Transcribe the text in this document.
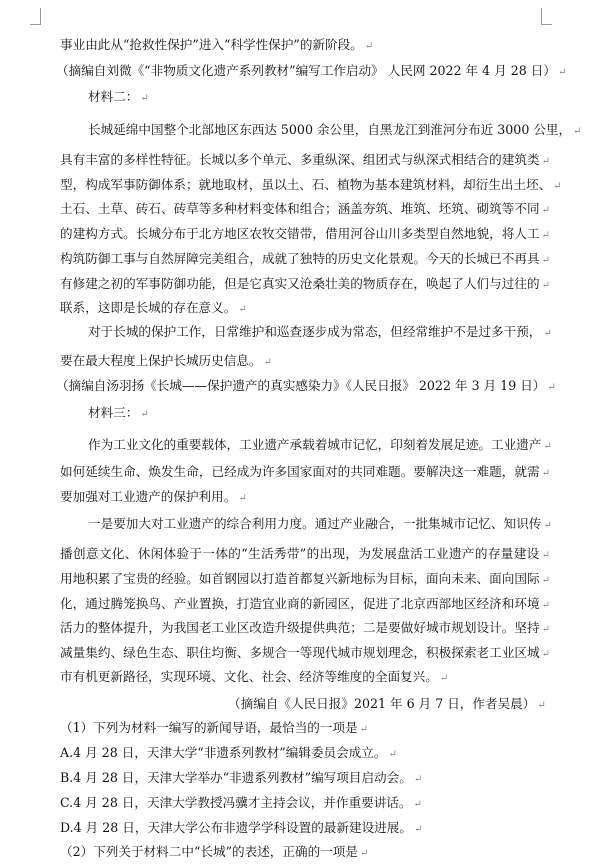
事业由此从“抢救性保护”进入“科学性保护”的新阶段。 ↵
（摘编自刘微《“非物质文化遗产系列教材”编写工作启动》 人民网 2022 年 4 月 28 日） ↵
材料二： ↵
长城延绵中国整个北部地区东西达 5000 余公里，自黑龙江到淮河分布近 3000 公里， ↵
具有丰富的多样性特征。长城以多个单元、多重纵深、组团式与纵深式相结合的建筑类 ↵
型，构成军事防御体系；就地取材，虽以土、石、植物为基本建筑材料，却衍生出土坯、 ↵
土石、土草、砖石、砖草等多种材料变体和组合；涵盖夯筑、堆筑、坯筑、砌筑等不同 ↵
的建构方式。长城分布于北方地区农牧交错带，借用河谷山川多类型自然地貌，将人工 ↵
构筑防御工事与自然屏障完美组合，成就了独特的历史文化景观。今天的长城已不再具 ↵
有修建之初的军事防御功能，但是它真实又沧桑壮美的物质存在，唤起了人们与过往的 ↵
联系，这即是长城的存在意义。 ↵
对于长城的保护工作，日常维护和巡查逐步成为常态，但经常维护不是过多干预， ↵
要在最大程度上保护长城历史信息。 ↵
（摘编自汤羽扬《长城——保护遗产的真实感染力》《人民日报》 2022 年 3 月 19 日） ↵
材料三： ↵
作为工业文化的重要载体，工业遗产承载着城市记忆，印刻着发展足迹。工业遗产 ↵
如何延续生命、焕发生命，已经成为许多国家面对的共同难题。要解决这一难题，就需 ↵
要加强对工业遗产的保护利用。 ↵
一是要加大对工业遗产的综合利用力度。通过产业融合，一批集城市记忆、知识传 ↵
播创意文化、休闲体验于一体的“生活秀带”的出现，为发展盘活工业遗产的存量建设 ↵
用地积累了宝贵的经验。如首钢园以打造首都复兴新地标为目标，面向未来、面向国际 ↵
化，通过腾笼换鸟、产业置换，打造宜业商的新园区，促进了北京西部地区经济和环境 ↵
活力的整体提升，为我国老工业区改造升级提供典范；二是要做好城市规划设计。坚持 ↵
减量集约、绿色生态、职住均衡、多规合一等现代城市规划理念，积极探索老工业区城 ↵
市有机更新路径，实现环境、文化、社会、经济等维度的全面复兴。 ↵
（摘编自《人民日报》2021 年 6 月 7 日，作者吴晨） ↵
（1）下列为材料一编写的新闻导语，最恰当的一项是 ↵
A.4 月 28 日，天津大学“非遗系列教材”编辑委员会成立。 ↵
B.4 月 28 日，天津大学举办“非遗系列教材”编写项目启动会。 ↵
C.4 月 28 日，天津大学教授冯骥才主持会议，并作重要讲话。 ↵
D.4 月 28 日，天津大学公布非遗学学科设置的最新建设进展。 ↵
（2）下列关于材料二中“长城”的表述，正确的一项是 ↵
